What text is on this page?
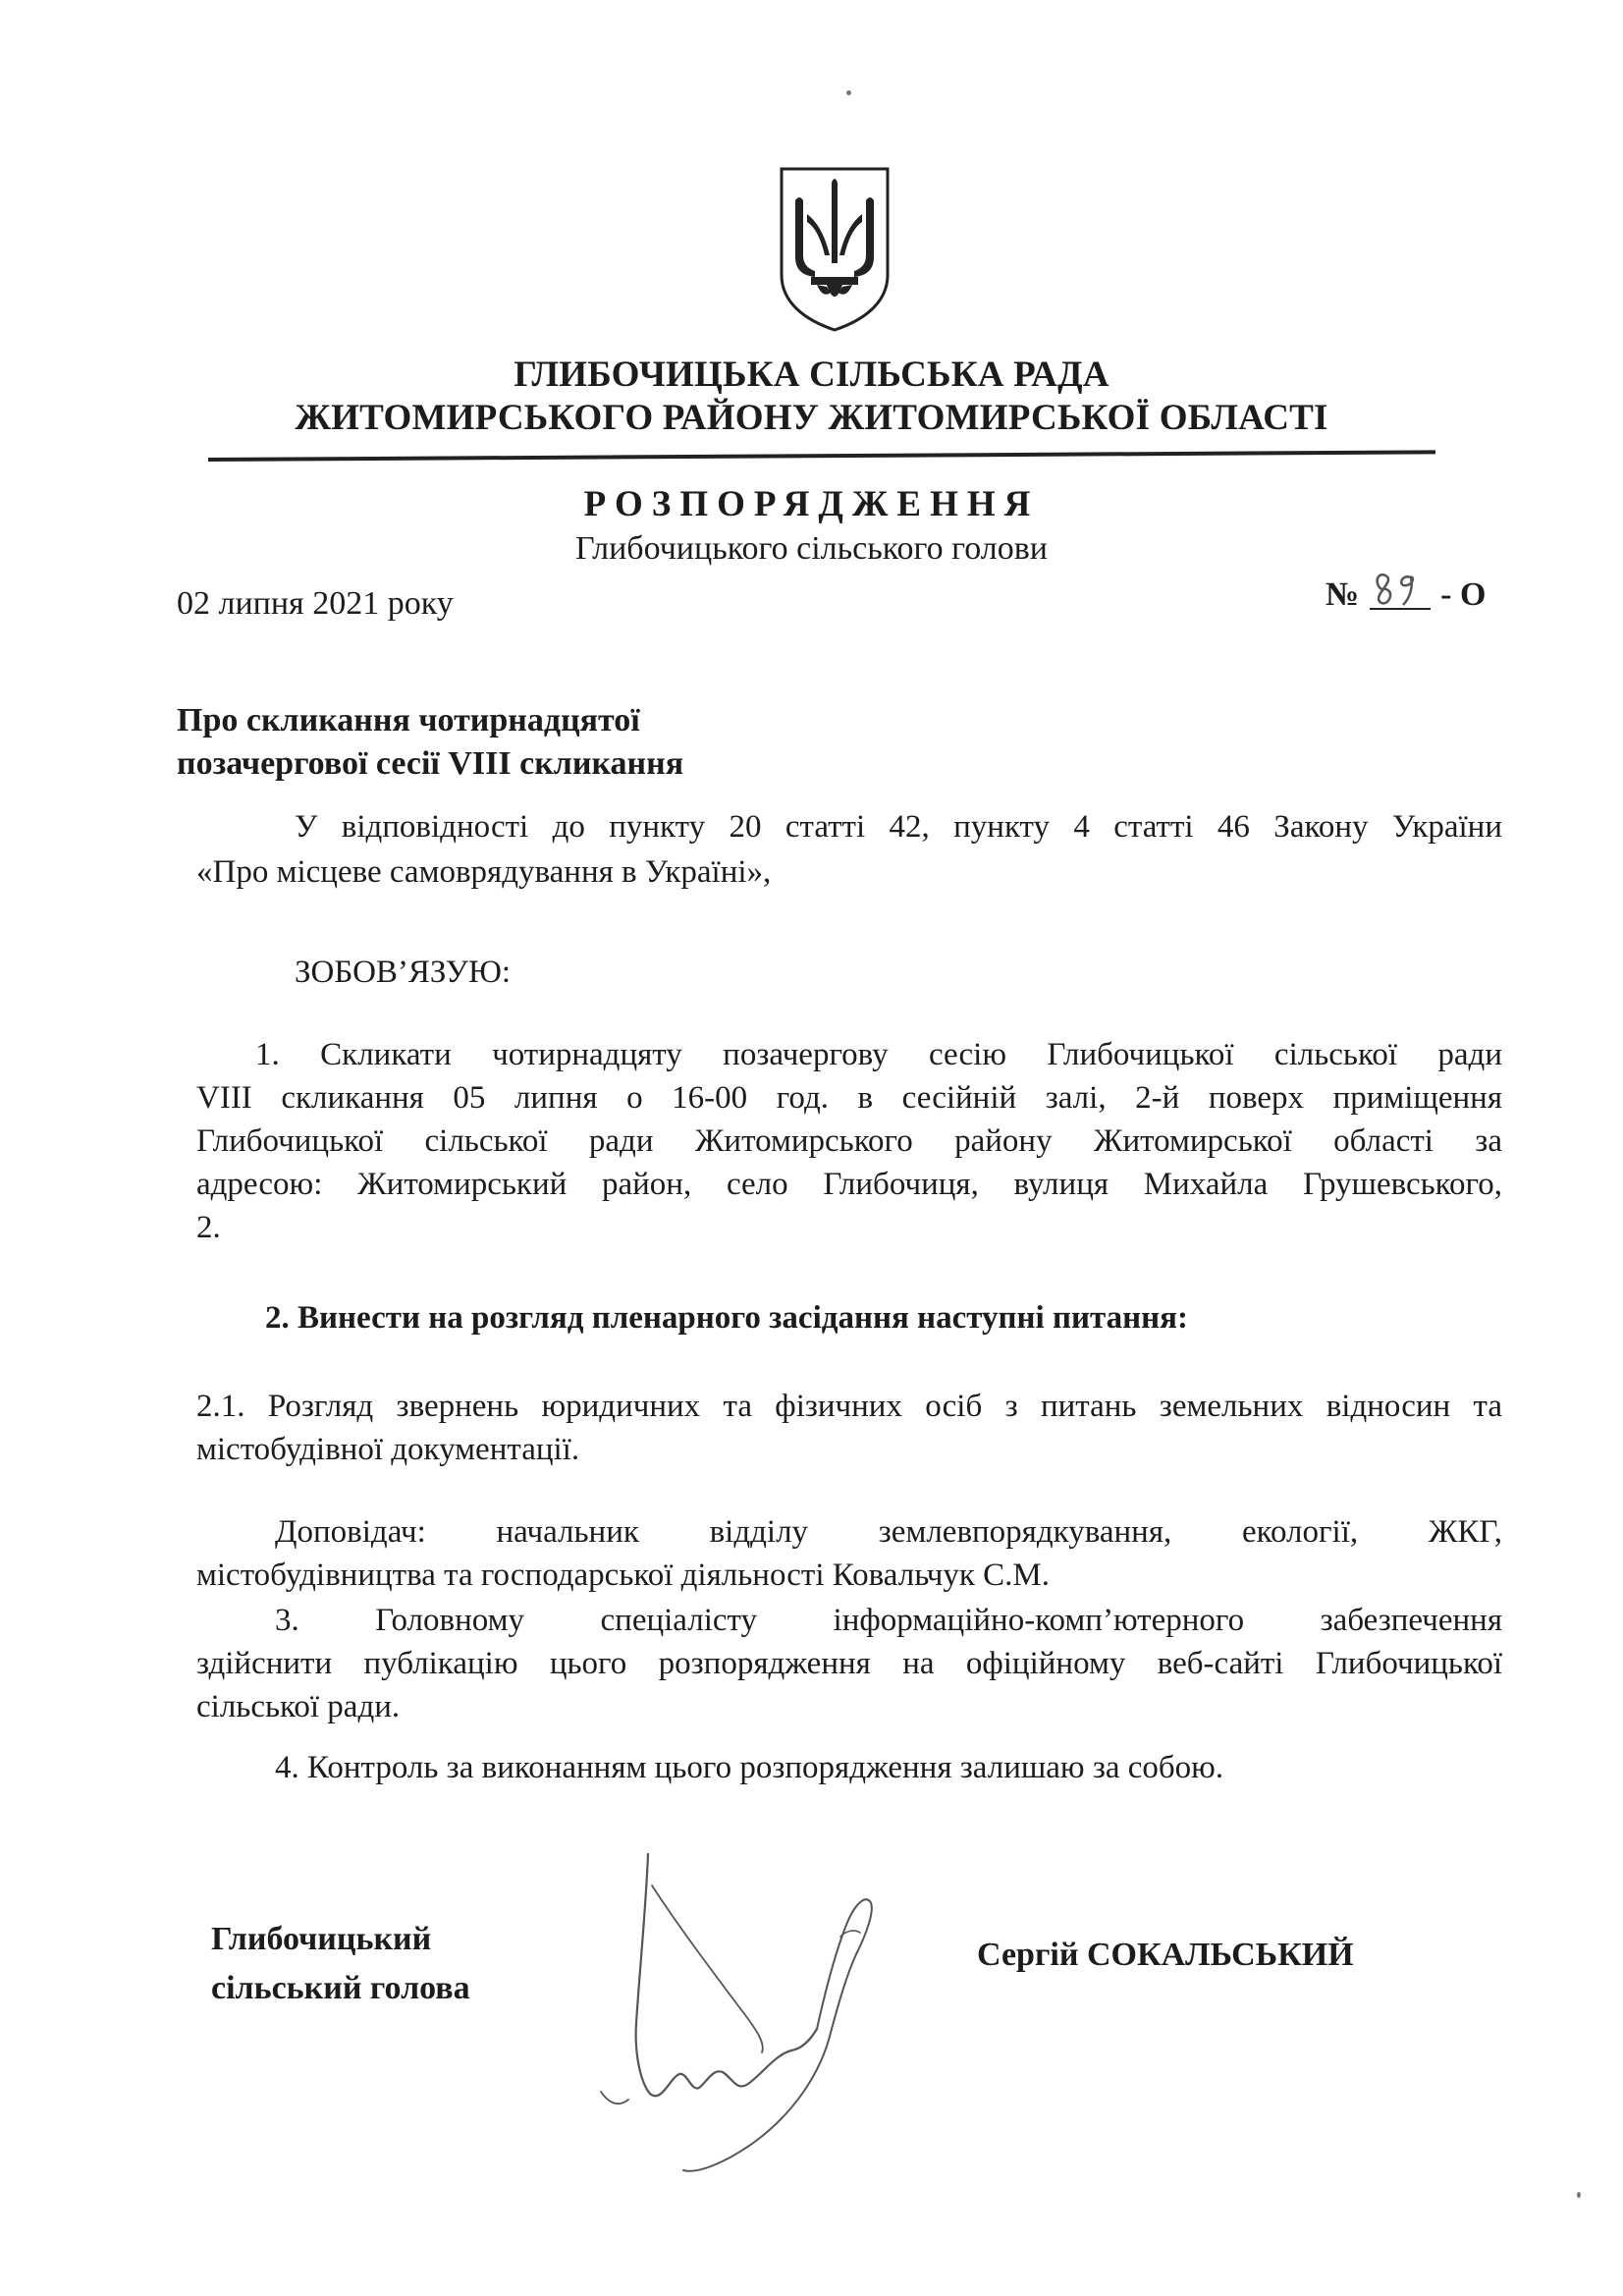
ГЛИБОЧИЦЬКА СІЛЬСЬКА РАДА
ЖИТОМИРСЬКОГО РАЙОНУ ЖИТОМИРСЬКОЇ ОБЛАСТІ
РОЗПОРЯДЖЕННЯ
Глибочицького сільського голови
02 липня 2021 року	№ - О
Про скликання чотирнадцятої
позачергової сесії VIII скликання
У відповідності до пункту 20 статті 42, пункту 4 статті 46 Закону України
«Про місцеве самоврядування в Україні»,
ЗОБОВ’ЯЗУЮ:
1. Скликати чотирнадцяту позачергову сесію Глибочицької сільської ради
VIII скликання 05 липня о 16-00 год. в сесійній залі, 2-й поверх приміщення
Глибочицької сільської ради Житомирського району Житомирської області за
адресою: Житомирський район, село Глибочиця, вулиця Михайла Грушевського,
2.
2. Винести на розгляд пленарного засідання наступні питання:
2.1. Розгляд звернень юридичних та фізичних осіб з питань земельних відносин та
містобудівної документації.
Доповідач: начальник відділу землевпорядкування, екології, ЖКГ,
містобудівництва та господарської діяльності Ковальчук С.М.
3. Головному спеціалісту інформаційно-комп’ютерного забезпечення
здійснити публікацію цього розпорядження на офіційному веб-сайті Глибочицької
сільської ради.
4. Контроль за виконанням цього розпорядження залишаю за собою.
Глибочицький
сільський голова
Сергій СОКАЛЬСЬКИЙ
